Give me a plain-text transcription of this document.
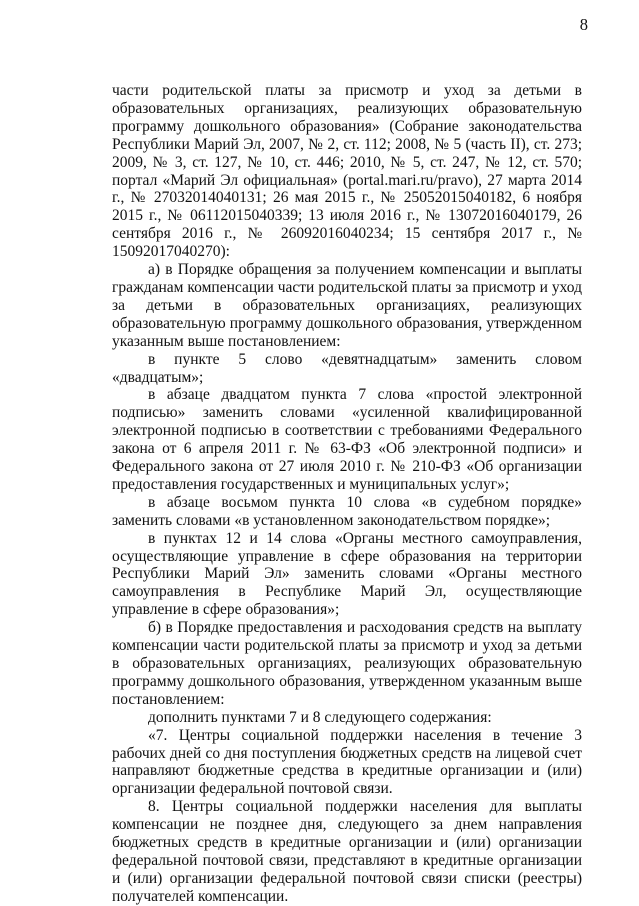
8

части родительской платы за присмотр и уход за детьми в образовательных организациях, реализующих образовательную программу дошкольного образования» (Собрание законодательства Республики Марий Эл, 2007, № 2, ст. 112; 2008, № 5 (часть II), ст. 273; 2009, № 3, ст. 127, № 10, ст. 446; 2010, № 5, ст. 247, № 12, ст. 570; портал «Марий Эл официальная» (portal.mari.ru/pravo), 27 марта 2014 г., № 27032014040131; 26 мая 2015 г., № 25052015040182, 6 ноября 2015 г., № 06112015040339; 13 июля 2016 г., № 13072016040179, 26 сентября 2016 г., № 26092016040234; 15 сентября 2017 г., № 15092017040270):

а) в Порядке обращения за получением компенсации и выплаты гражданам компенсации части родительской платы за присмотр и уход за детьми в образовательных организациях, реализующих образовательную программу дошкольного образования, утвержденном указанным выше постановлением:

в пункте 5 слово «девятнадцатым» заменить словом «двадцатым»;

в абзаце двадцатом пункта 7 слова «простой электронной подписью» заменить словами «усиленной квалифицированной электронной подписью в соответствии с требованиями Федерального закона от 6 апреля 2011 г. № 63-ФЗ «Об электронной подписи» и Федерального закона от 27 июля 2010 г. № 210-ФЗ «Об организации предоставления государственных и муниципальных услуг»;

в абзаце восьмом пункта 10 слова «в судебном порядке» заменить словами «в установленном законодательством порядке»;

в пунктах 12 и 14 слова «Органы местного самоуправления, осуществляющие управление в сфере образования на территории Республики Марий Эл» заменить словами «Органы местного самоуправления в Республике Марий Эл, осуществляющие управление в сфере образования»;

б) в Порядке предоставления и расходования средств на выплату компенсации части родительской платы за присмотр и уход за детьми в образовательных организациях, реализующих образовательную программу дошкольного образования, утвержденном указанным выше постановлением:

дополнить пунктами 7 и 8 следующего содержания:

«7. Центры социальной поддержки населения в течение 3 рабочих дней со дня поступления бюджетных средств на лицевой счет направляют бюджетные средства в кредитные организации и (или) организации федеральной почтовой связи.

8. Центры социальной поддержки населения для выплаты компенсации не позднее дня, следующего за днем направления бюджетных средств в кредитные организации и (или) организации федеральной почтовой связи, представляют в кредитные организации и (или) организации федеральной почтовой связи списки (реестры) получателей компенсации.
